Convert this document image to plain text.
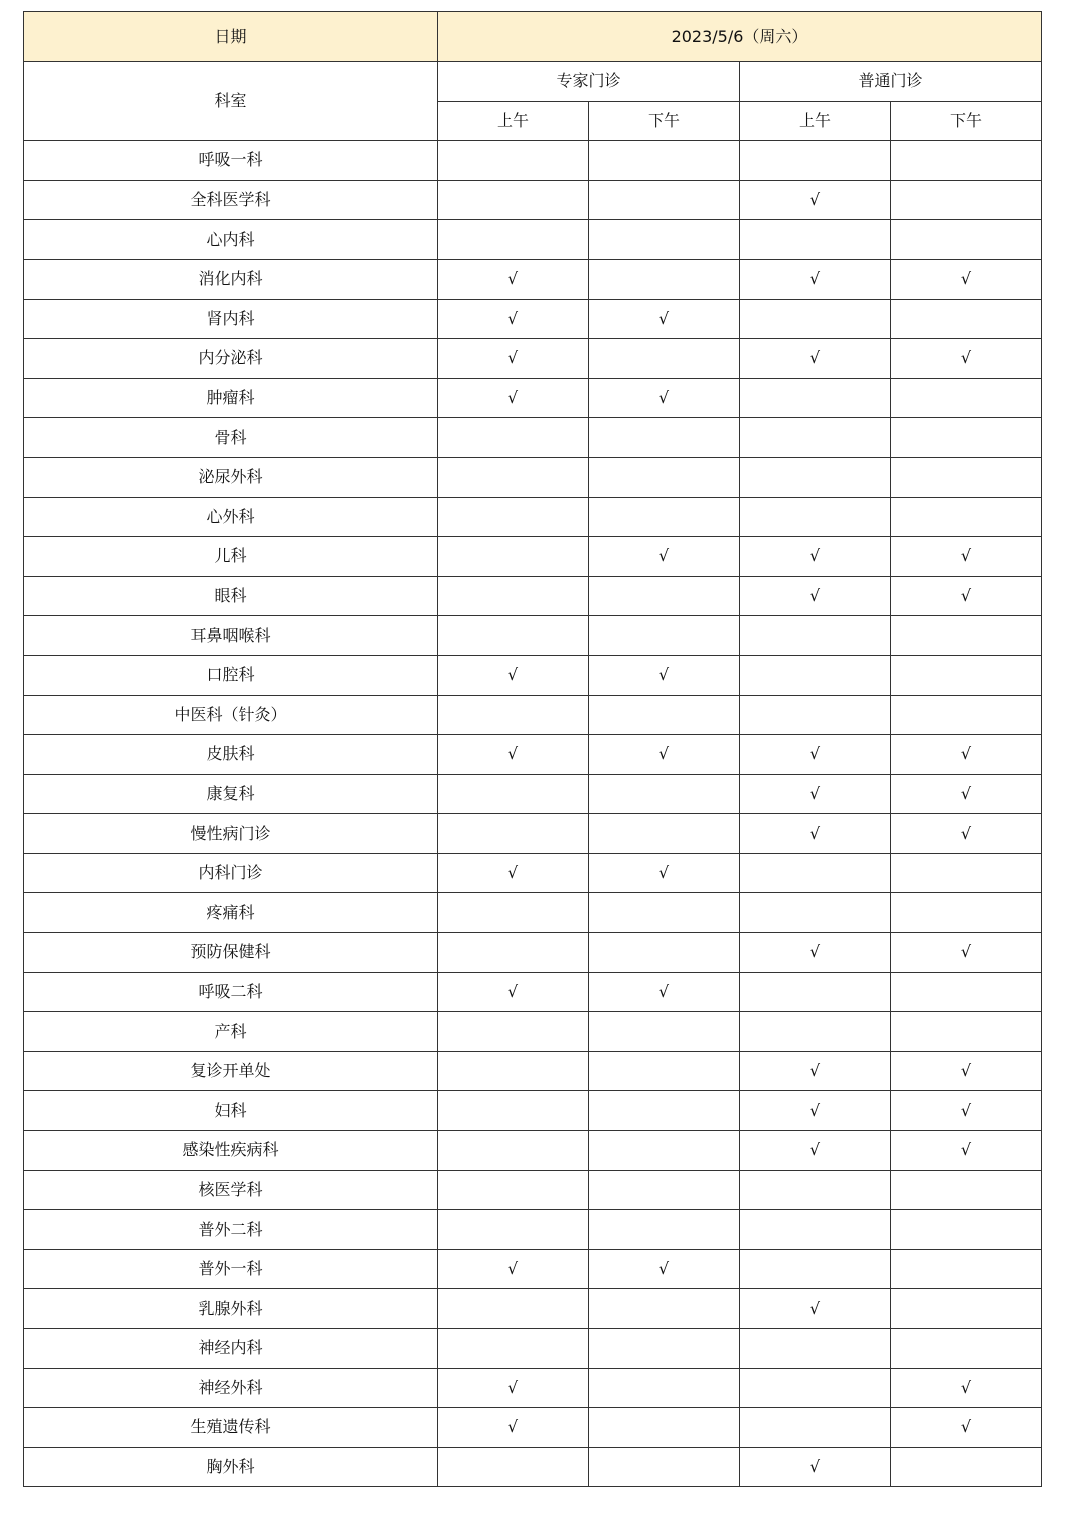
日期	2023/5/6（周六）			
科室	专家门诊		普通门诊	
	上午	下午	上午	下午
呼吸一科				
全科医学科			√	
心内科				
消化内科	√		√	√
肾内科	√	√		
内分泌科	√		√	√
肿瘤科	√	√		
骨科				
泌尿外科				
心外科				
儿科		√	√	√
眼科			√	√
耳鼻咽喉科				
口腔科	√	√		
中医科（针灸）				
皮肤科	√	√	√	√
康复科			√	√
慢性病门诊			√	√
内科门诊	√	√		
疼痛科				
预防保健科			√	√
呼吸二科	√	√		
产科				
复诊开单处			√	√
妇科			√	√
感染性疾病科			√	√
核医学科				
普外二科				
普外一科	√	√		
乳腺外科			√	
神经内科				
神经外科	√			√
生殖遗传科	√			√
胸外科			√	
